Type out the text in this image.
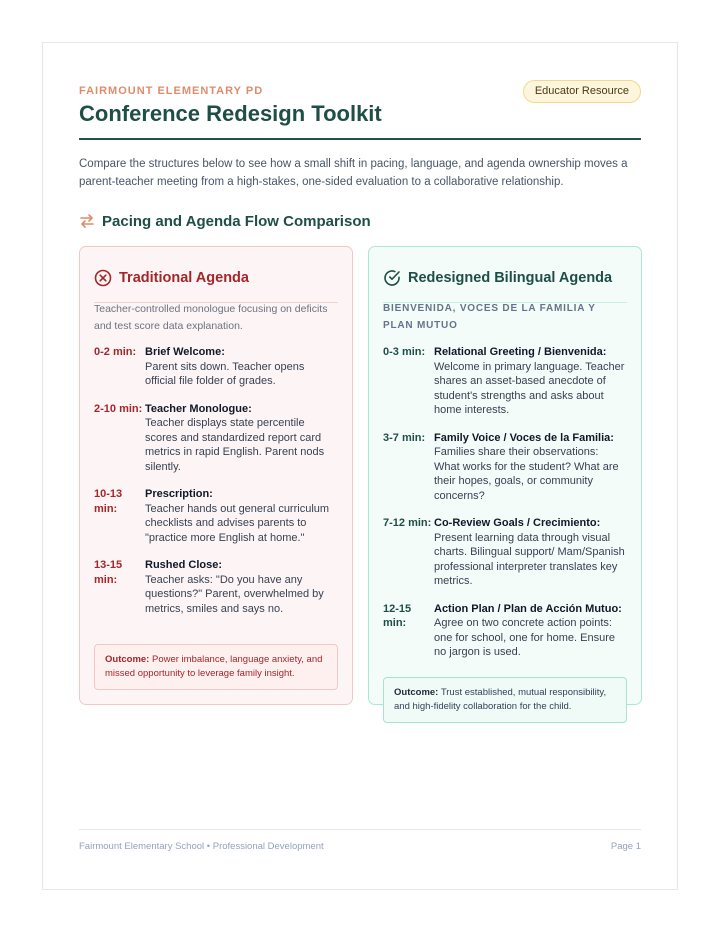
FAIRMOUNT ELEMENTARY PD	Educator Resource
Conference Redesign Toolkit

Compare the structures below to see how a small shift in pacing, language, and agenda ownership moves a parent-teacher meeting from a high-stakes, one-sided evaluation to a collaborative relationship.

Pacing and Agenda Flow Comparison
Traditional Agenda

Teacher-controlled monologue focusing on deficits and test score data explanation.

0-2 min: Brief Welcome:
Parent sits down. Teacher opens official file folder of grades.
2-10 min: Teacher Monologue:
Teacher displays state percentile scores and standardized report card metrics in rapid English. Parent nods silently.
10-13 min:
Prescription:
Teacher hands out general curriculum checklists and advises parents to "practice more English at home."
13-15 min:
Rushed Close:
Teacher asks: "Do you have any questions?" Parent, overwhelmed by metrics, smiles and says no.
Outcome: Power imbalance, language anxiety, and missed opportunity to leverage family insight.
Redesigned Bilingual Agenda

BIENVENIDA, VOCES DE LA FAMILIA Y PLAN MUTUO

0-3 min: Relational Greeting / Bienvenida:
Welcome in primary language. Teacher shares an asset-based anecdote of student's strengths and asks about home interests.
3-7 min: Family Voice / Voces de la Familia:
Families share their observations: What works for the student? What are their hopes, goals, or community concerns?
7-12 min: Co-Review Goals / Crecimiento:
Present learning data through visual charts. Bilingual support/ Mam/Spanish professional interpreter translates key metrics.
12-15 min:
Action Plan / Plan de Acción Mutuo:
Agree on two concrete action points: one for school, one for home. Ensure no jargon is used.
Outcome: Trust established, mutual responsibility, and high-fidelity collaboration for the child.
Fairmount Elementary School • Professional Development	Page 1
